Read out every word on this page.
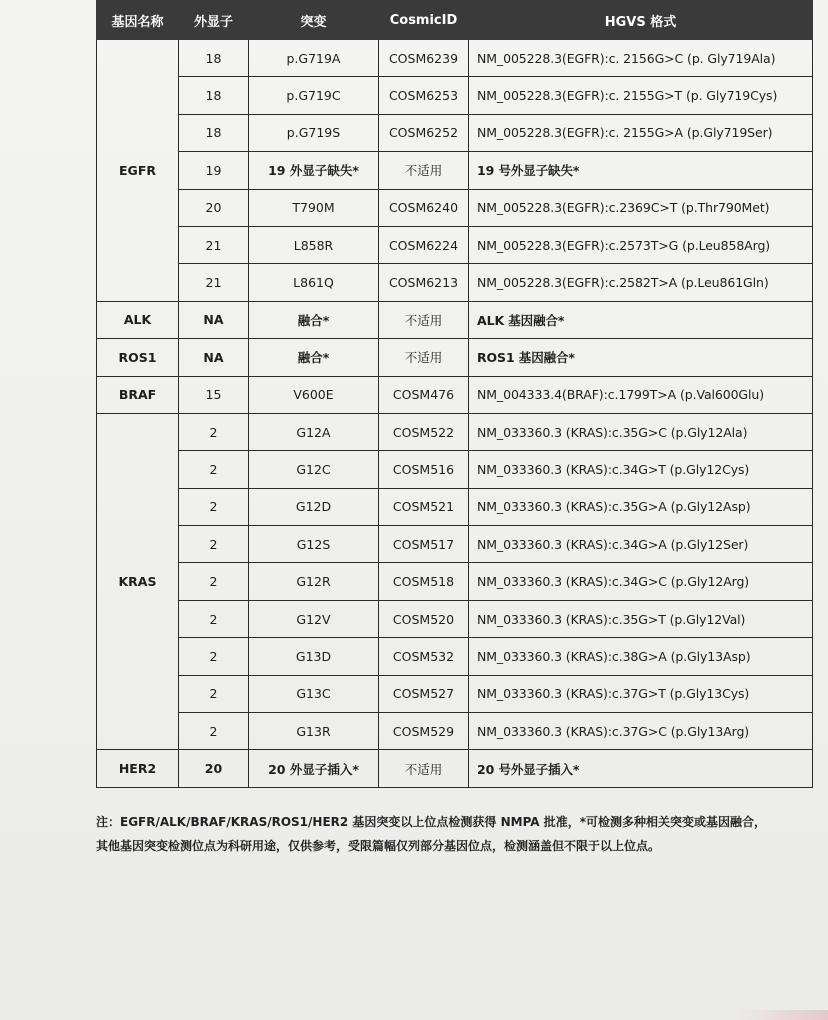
基因名称	外显子	突变	CosmicID	HGVS 格式
EGFR	18	p.G719A	COSM6239	NM_005228.3(EGFR):c. 2156G>C (p. Gly719Ala)
	18	p.G719C	COSM6253	NM_005228.3(EGFR):c. 2155G>T (p. Gly719Cys)
	18	p.G719S	COSM6252	NM_005228.3(EGFR):c. 2155G>A (p.Gly719Ser)
	19	19 外显子缺失*	不适用	19 号外显子缺失*
	20	T790M	COSM6240	NM_005228.3(EGFR):c.2369C>T (p.Thr790Met)
	21	L858R	COSM6224	NM_005228.3(EGFR):c.2573T>G (p.Leu858Arg)
	21	L861Q	COSM6213	NM_005228.3(EGFR):c.2582T>A (p.Leu861Gln)
ALK	NA	融合*	不适用	ALK 基因融合*
ROS1	NA	融合*	不适用	ROS1 基因融合*
BRAF	15	V600E	COSM476	NM_004333.4(BRAF):c.1799T>A (p.Val600Glu)
KRAS	2	G12A	COSM522	NM_033360.3 (KRAS):c.35G>C (p.Gly12Ala)
	2	G12C	COSM516	NM_033360.3 (KRAS):c.34G>T (p.Gly12Cys)
	2	G12D	COSM521	NM_033360.3 (KRAS):c.35G>A (p.Gly12Asp)
	2	G12S	COSM517	NM_033360.3 (KRAS):c.34G>A (p.Gly12Ser)
	2	G12R	COSM518	NM_033360.3 (KRAS):c.34G>C (p.Gly12Arg)
	2	G12V	COSM520	NM_033360.3 (KRAS):c.35G>T (p.Gly12Val)
	2	G13D	COSM532	NM_033360.3 (KRAS):c.38G>A (p.Gly13Asp)
	2	G13C	COSM527	NM_033360.3 (KRAS):c.37G>T (p.Gly13Cys)
	2	G13R	COSM529	NM_033360.3 (KRAS):c.37G>C (p.Gly13Arg)
HER2	20	20 外显子插入*	不适用	20 号外显子插入*

注：EGFR/ALK/BRAF/KRAS/ROS1/HER2 基因突变以上位点检测获得 NMPA 批准，*可检测多种相关突变或基因融合，
其他基因突变检测位点为科研用途，仅供参考，受限篇幅仅列部分基因位点，检测涵盖但不限于以上位点。
